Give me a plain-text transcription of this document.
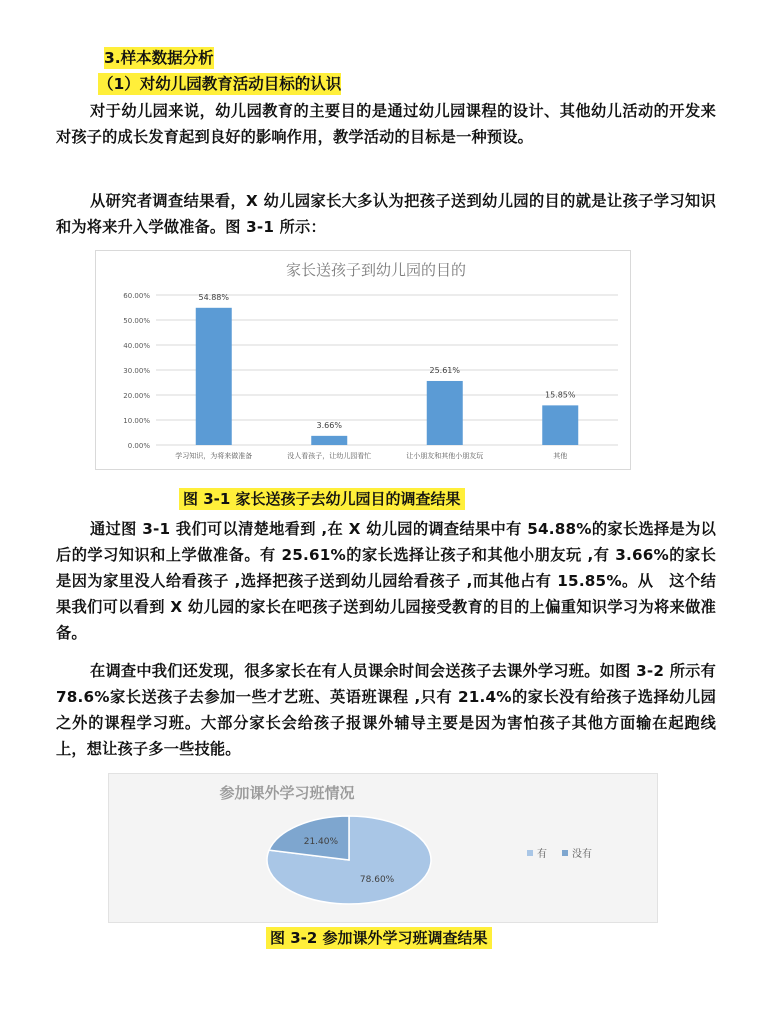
3.样本数据分析
（1）对幼儿园教育活动目标的认识
对于幼儿园来说，幼儿园教育的主要目的是通过幼儿园课程的设计、其他幼儿活动的开发来对孩子的成长发育起到良好的影响作用，教学活动的目标是一种预设。
从研究者调查结果看，X 幼儿园家长大多认为把孩子送到幼儿园的目的就是让孩子学习知识和为将来升入学做准备。图 3-1 所示：
家长送孩子到幼儿园的目的
0.00%
10.00%
20.00%
30.00%
40.00%
50.00%
60.00%	54.88%
学习知识，为将来做准备
3.66%
没人看孩子，让幼儿园看忙
25.61%
让小朋友和其他小朋友玩
15.85%
其他
图 3-1 家长送孩子去幼儿园目的调查结果
通过图 3-1 我们可以清楚地看到 ,在 X 幼儿园的调查结果中有 54.88%的家长选择是为以后的学习知识和上学做准备。有 25.61%的家长选择让孩子和其他小朋友玩 ,有 3.66%的家长是因为家里没人给看孩子 ,选择把孩子送到幼儿园给看孩子 ,而其他占有 15.85%。从　这个结果我们可以看到 X 幼儿园的家长在吧孩子送到幼儿园接受教育的目的上偏重知识学习为将来做准备。
在调查中我们还发现，很多家长在有人员课余时间会送孩子去课外学习班。如图 3-2 所示有 78.6%家长送孩子去参加一些才艺班、英语班课程 ,只有 21.4%的家长没有给孩子选择幼儿园之外的课程学习班。大部分家长会给孩子报课外辅导主要是因为害怕孩子其他方面输在起跑线上，想让孩子多一些技能。
参加课外学习班情况
78.60%
21.40%
有	没有
图 3-2 参加课外学习班调查结果
